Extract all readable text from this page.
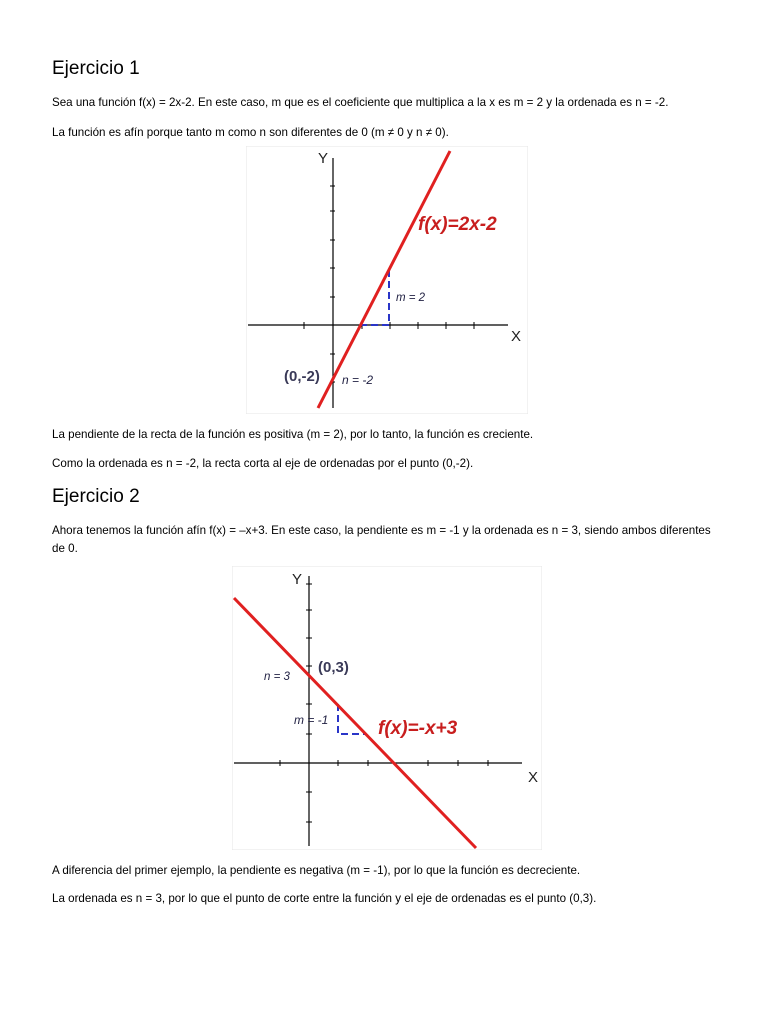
Ejercicio 1

Sea una función f(x) = 2x-2. En este caso, m que es el coeficiente que multiplica a la x es m = 2 y la ordenada es n = -2.

La función es afín porque tanto m como n son diferentes de 0 (m ≠ 0 y n ≠ 0).

Y
X
f(x)=2x-2
m = 2
n = -2
(0,-2)

La pendiente de la recta de la función es positiva (m = 2), por lo tanto, la función es creciente.

Como la ordenada es n = -2, la recta corta al eje de ordenadas por el punto (0,-2).

Ejercicio 2

Ahora tenemos la función afín f(x) = –x+3. En este caso, la pendiente es m = -1 y la ordenada es n = 3, siendo ambos diferentes de 0.

Y
X
f(x)=-x+3
m = -1
n = 3
(0,3)

A diferencia del primer ejemplo, la pendiente es negativa (m = -1), por lo que la función es decreciente.

La ordenada es n = 3, por lo que el punto de corte entre la función y el eje de ordenadas es el punto (0,3).
